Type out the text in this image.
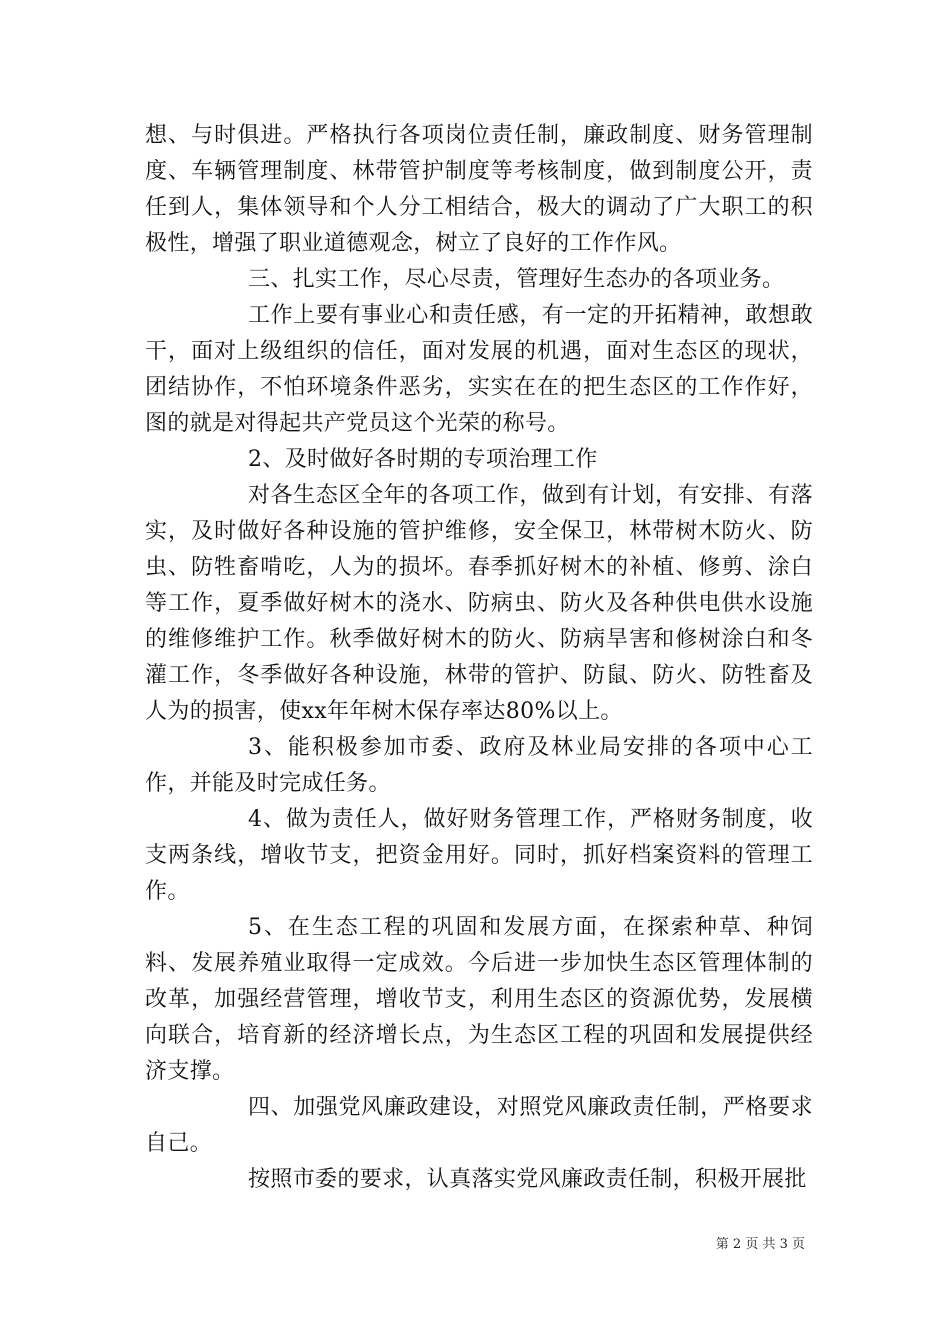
想、与时俱进。严格执行各项岗位责任制，廉政制度、财务管理制度、车辆管理制度、林带管护制度等考核制度，做到制度公开，责任到人，集体领导和个人分工相结合，极大的调动了广大职工的积极性，增强了职业道德观念，树立了良好的工作作风。

三、扎实工作，尽心尽责，管理好生态办的各项业务。

工作上要有事业心和责任感，有一定的开拓精神，敢想敢干，面对上级组织的信任，面对发展的机遇，面对生态区的现状，团结协作，不怕环境条件恶劣，实实在在的把生态区的工作作好，图的就是对得起共产党员这个光荣的称号。

2、及时做好各时期的专项治理工作

对各生态区全年的各项工作，做到有计划，有安排、有落实，及时做好各种设施的管护维修，安全保卫，林带树木防火、防虫、防牲畜啃吃，人为的损坏。春季抓好树木的补植、修剪、涂白等工作，夏季做好树木的浇水、防病虫、防火及各种供电供水设施的维修维护工作。秋季做好树木的防火、防病旱害和修树涂白和冬灌工作，冬季做好各种设施，林带的管护、防鼠、防火、防牲畜及人为的损害，使xx年年树木保存率达80%以上。

3、能积极参加市委、政府及林业局安排的各项中心工作，并能及时完成任务。

4、做为责任人，做好财务管理工作，严格财务制度，收支两条线，增收节支，把资金用好。同时，抓好档案资料的管理工作。

5、在生态工程的巩固和发展方面，在探索种草、种饲料、发展养殖业取得一定成效。今后进一步加快生态区管理体制的改革，加强经营管理，增收节支，利用生态区的资源优势，发展横向联合，培育新的经济增长点，为生态区工程的巩固和发展提供经济支撑。

四、加强党风廉政建设，对照党风廉政责任制，严格要求自己。

按照市委的要求，认真落实党风廉政责任制，积极开展批

第 2 页 共 3 页
